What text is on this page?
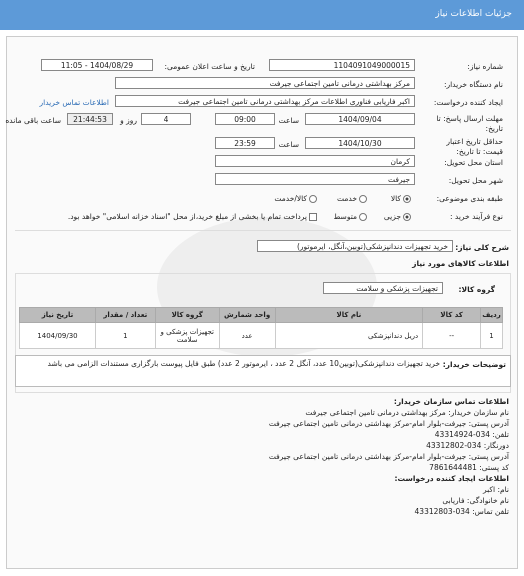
جزئیات اطلاعات نیاز
شماره نیاز:
1104091049000015
تاریخ و ساعت اعلان عمومی:
1404/08/29 - 11:05
نام دستگاه خریدار:
مرکز بهداشتی درمانی تامین اجتماعی جیرفت
ایجاد کننده درخواست:
اکبر فاریابی فناوری اطلاعات مرکز بهداشتی درمانی تامین اجتماعی جیرفت
اطلاعات تماس خریدار
مهلت ارسال پاسخ: تا
تاریخ:
1404/09/04
ساعت
09:00
4
روز و
21:44:53
ساعت باقی مانده
حداقل تاریخ اعتبار
قیمت: تا تاریخ:
1404/10/30
ساعت
23:59
استان محل تحویل:
کرمان
شهر محل تحویل:
جیرفت
طبقه بندی موضوعی:
کالا
خدمت
کالا/خدمت
نوع فرآیند خرید :
جزیی
متوسط
پرداخت تمام یا بخشی از مبلغ خرید،از محل "اسناد خزانه اسلامی" خواهد بود.
شرح کلی نیاز:
خرید تجهیزات دندانپزشکی(توبین،آنگل، ایرموتور)
اطلاعات کالاهای مورد نیاز
گروه کالا:
تجهیزات پزشکی و سلامت
ردیف	کد کالا	نام کالا	واحد شمارش	گروه کالا	تعداد / مقدار	تاریخ نیاز
1	--	دریل دندانپزشکی	عدد	تجهیزات پزشکی و سلامت	1	1404/09/30
توضیحات خریدار:
خرید تجهیزات دندانپزشکی(توبین10 عدد، آنگل 2 عدد ، ایرموتور 2 عدد) طبق فایل پیوست بارگزاری مستندات الزامی می باشد
اطلاعات تماس سازمان خریدار:
نام سازمان خریدار: مرکز بهداشتی درمانی تامین اجتماعی جیرفت
آدرس پستی: جیرفت-بلوار امام-مرکز بهداشتی درمانی تامین اجتماعی جیرفت
تلفن: 034-43314924
دورنگار: 034-43312802
آدرس پستی: جیرفت-بلوار امام-مرکز بهداشتی درمانی تامین اجتماعی جیرفت
کد پستی: 7861644481
اطلاعات ایجاد کننده درخواست:
نام: اکبر
نام خانوادگی: فاریابی
تلفن تماس: 034-43312803
